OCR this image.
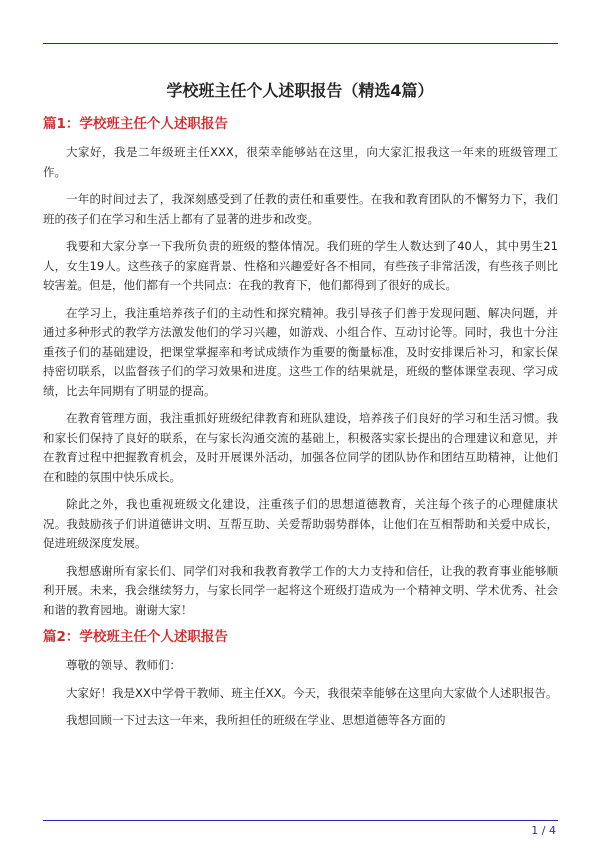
学校班主任个人述职报告（精选4篇）
篇1：学校班主任个人述职报告

大家好，我是二年级班主任XXX，很荣幸能够站在这里，向大家汇报我这一年来的班级管理工作。

一年的时间过去了，我深刻感受到了任教的责任和重要性。在我和教育团队的不懈努力下，我们班的孩子们在学习和生活上都有了显著的进步和改变。

我要和大家分享一下我所负责的班级的整体情况。我们班的学生人数达到了40人，其中男生21人，女生19人。这些孩子的家庭背景、性格和兴趣爱好各不相同，有些孩子非常活泼，有些孩子则比较害羞。但是，他们都有一个共同点：在我的教育下，他们都得到了很好的成长。

在学习上，我注重培养孩子们的主动性和探究精神。我引导孩子们善于发现问题、解决问题，并通过多种形式的教学方法激发他们的学习兴趣，如游戏、小组合作、互动讨论等。同时，我也十分注重孩子们的基础建设，把课堂掌握率和考试成绩作为重要的衡量标准，及时安排课后补习，和家长保持密切联系，以监督孩子们的学习效果和进度。这些工作的结果就是，班级的整体课堂表现、学习成绩，比去年同期有了明显的提高。

在教育管理方面，我注重抓好班级纪律教育和班队建设，培养孩子们良好的学习和生活习惯。我和家长们保持了良好的联系，在与家长沟通交流的基础上，积极落实家长提出的合理建议和意见，并在教育过程中把握教育机会，及时开展课外活动，加强各位同学的团队协作和团结互助精神，让他们在和睦的氛围中快乐成长。

除此之外，我也重视班级文化建设，注重孩子们的思想道德教育，关注每个孩子的心理健康状况。我鼓励孩子们讲道德讲文明、互帮互助、关爱帮助弱势群体，让他们在互相帮助和关爱中成长，促进班级深度发展。

我想感谢所有家长们、同学们对我和我教育教学工作的大力支持和信任，让我的教育事业能够顺利开展。未来，我会继续努力，与家长同学一起将这个班级打造成为一个精神文明、学术优秀、社会和谐的教育园地。谢谢大家！

篇2：学校班主任个人述职报告

尊敬的领导、教师们：

大家好！我是XX中学骨干教师、班主任XX。今天，我很荣幸能够在这里向大家做个人述职报告。

我想回顾一下过去这一年来，我所担任的班级在学业、思想道德等各方面的

1 / 4
